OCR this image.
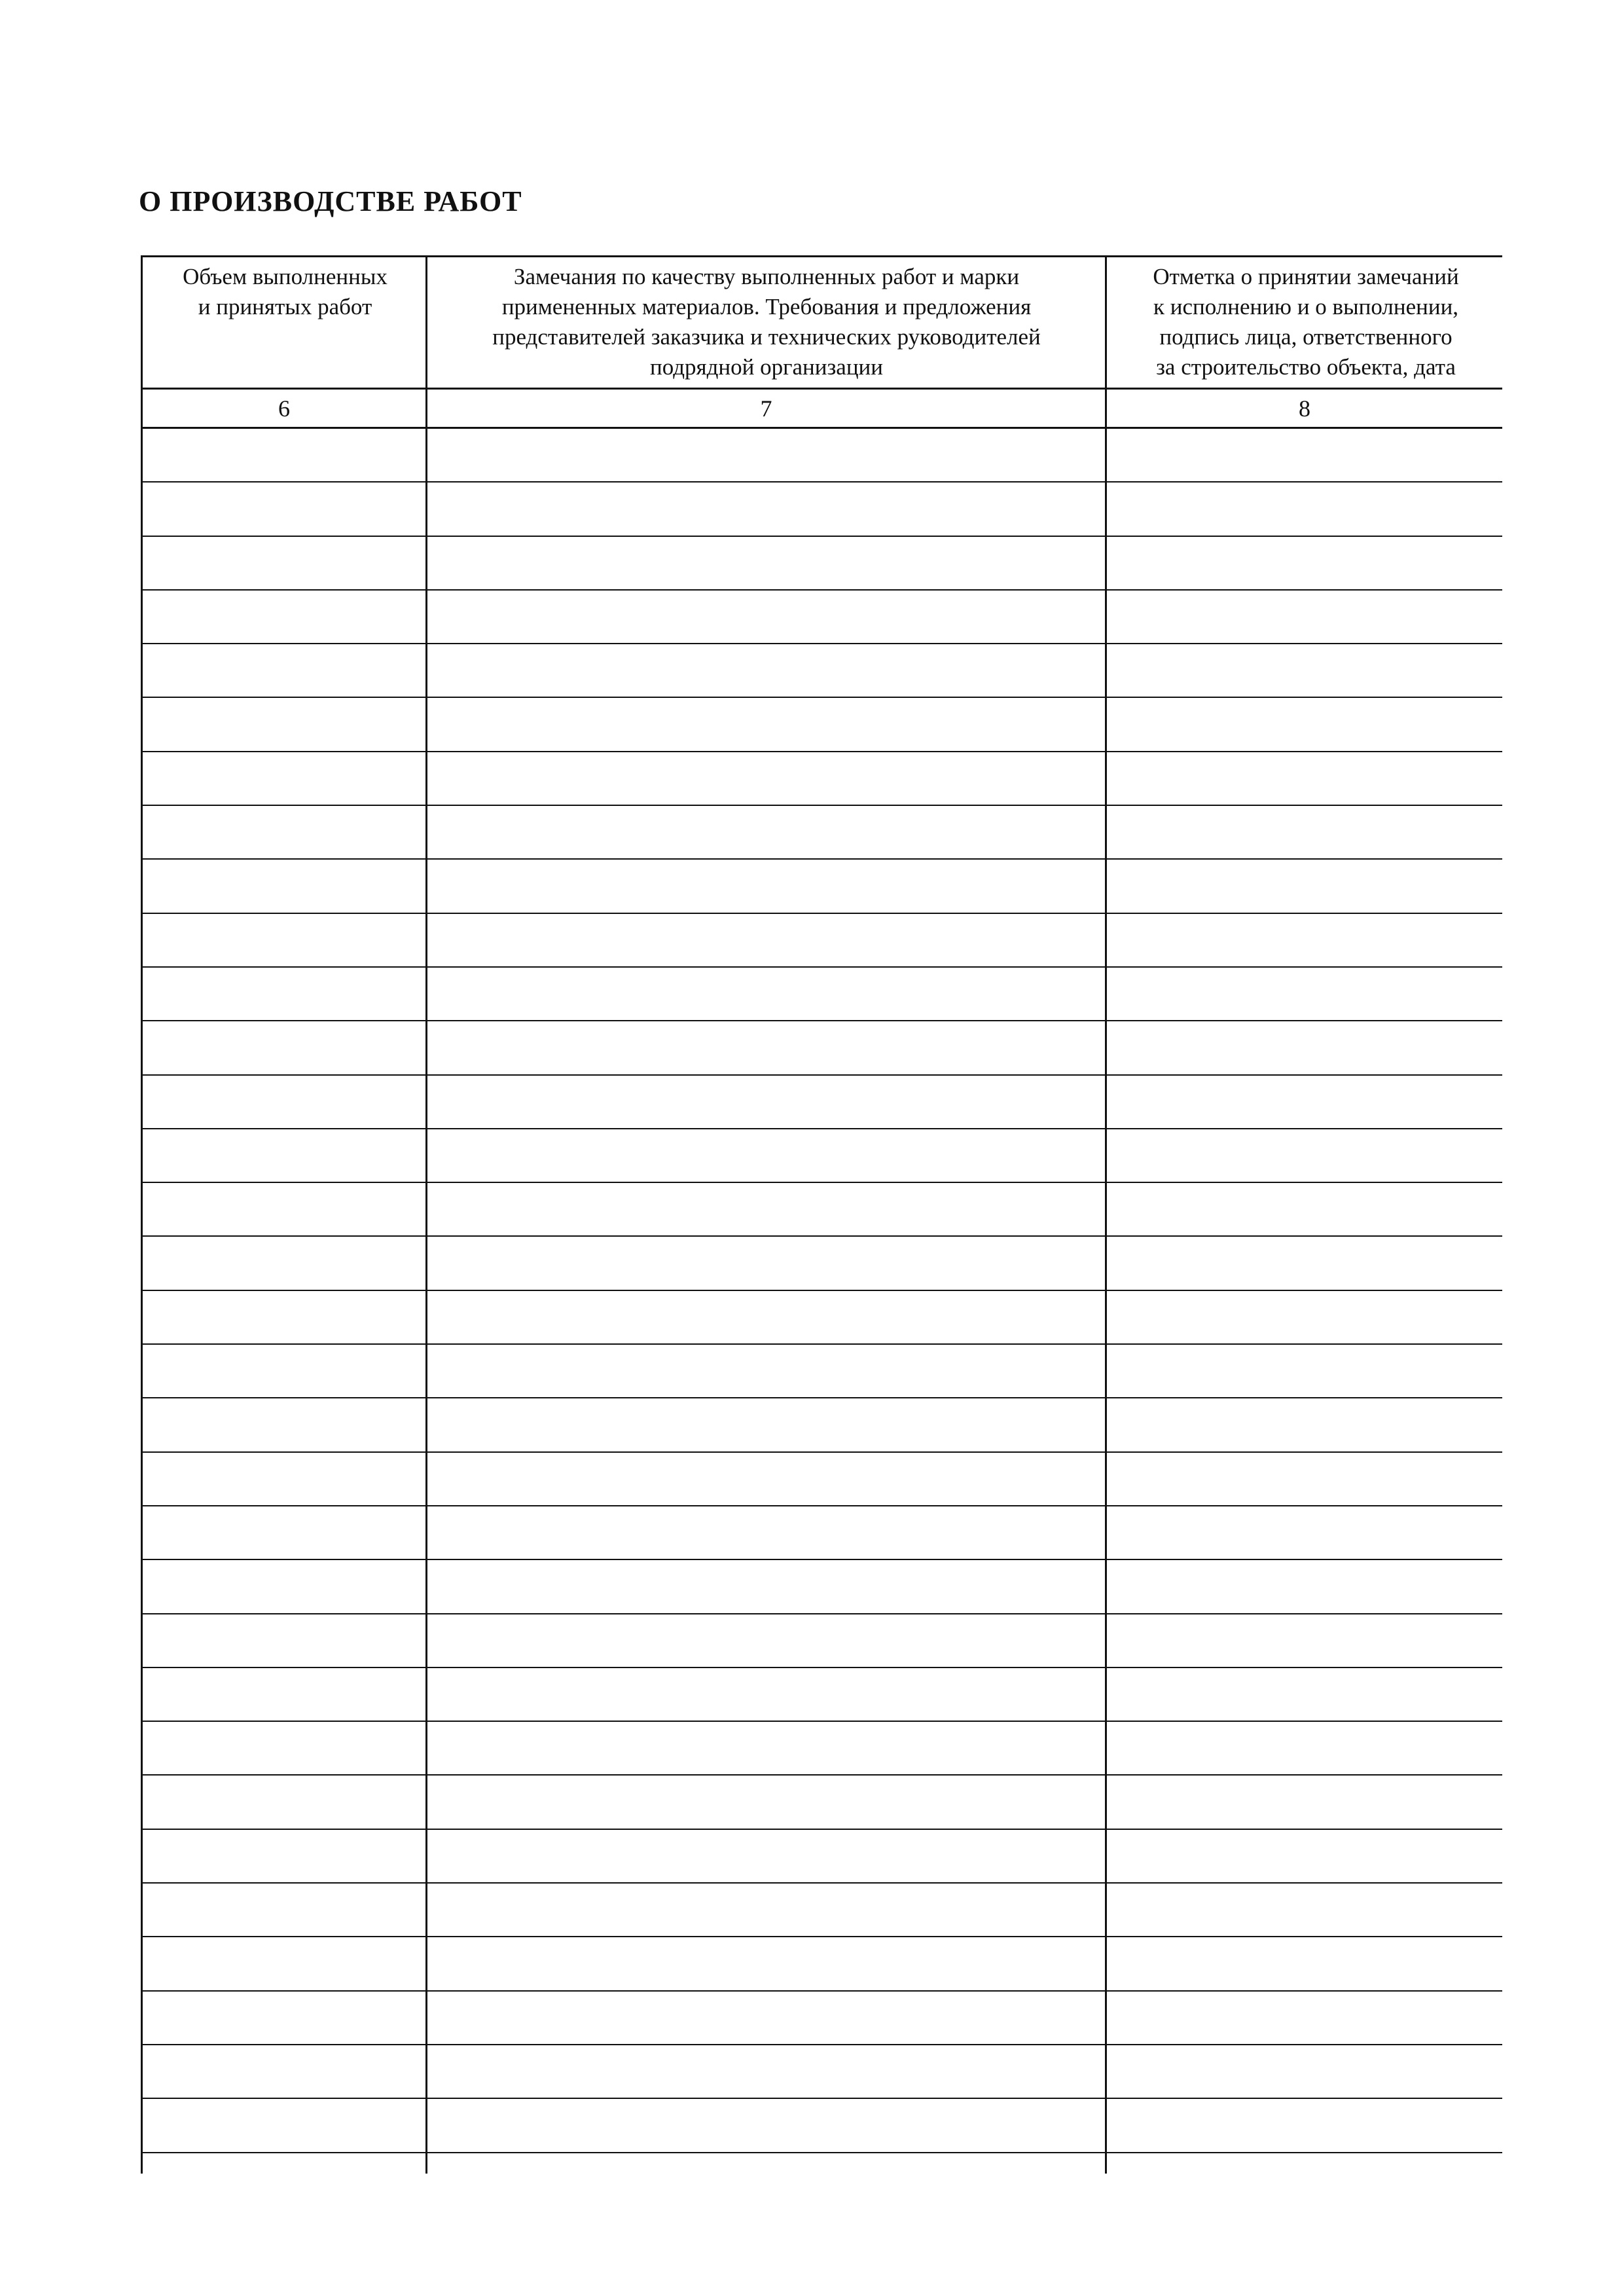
О ПРОИЗВОДСТВЕ РАБОТ
Объем выполненных
и принятых работ
Замечания по качеству выполненных работ и марки
примененных материалов. Требования и предложения
представителей заказчика и технических руководителей
подрядной организации
Отметка о принятии замечаний
к исполнению и о выполнении,
подпись лица, ответственного
за строительство объекта, дата
6	7	8
